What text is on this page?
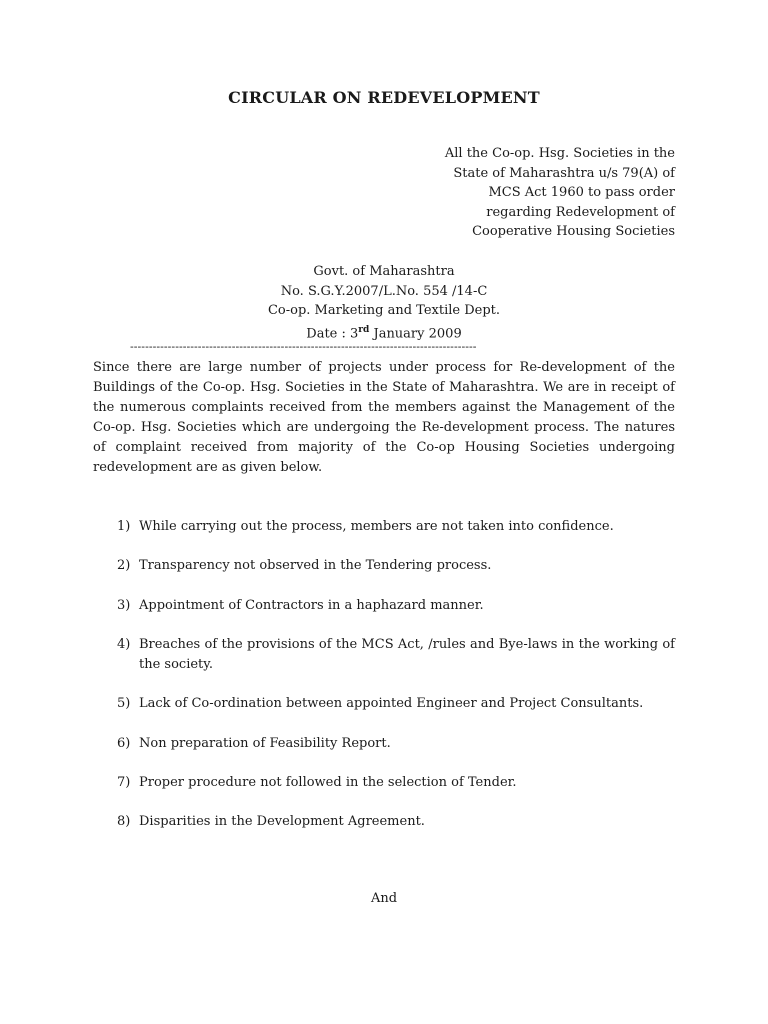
CIRCULAR ON REDEVELOPMENT
All the Co-op. Hsg. Societies in the
State of Maharashtra u/s 79(A) of
MCS Act 1960 to pass order
regarding Redevelopment of
Cooperative Housing Societies
Govt. of Maharashtra
No. S.G.Y.2007/L.No. 554 /14-C
Co-op. Marketing and Textile Dept.
Date : 3rd January 2009
--------------------------------------------------------------------------------------------
Since there are large number of projects under process for Re-development of the Buildings of the Co-op. Hsg. Societies in the State of Maharashtra. We are in receipt of the numerous complaints received from the members against the Management of the Co-op. Hsg. Societies which are undergoing the Re-development process. The natures of complaint received from majority of the Co-op Housing Societies undergoing redevelopment are as given below.
1) While carrying out the process, members are not taken into confidence.
2) Transparency not observed in the Tendering process.
3) Appointment of Contractors in a haphazard manner.
4) Breaches of the provisions of the MCS Act, /rules and Bye-laws in the working of the society.
5) Lack of Co-ordination between appointed Engineer and Project Consultants.
6) Non preparation of Feasibility Report.
7) Proper procedure not followed in the selection of Tender.
8) Disparities in the Development Agreement.
And
